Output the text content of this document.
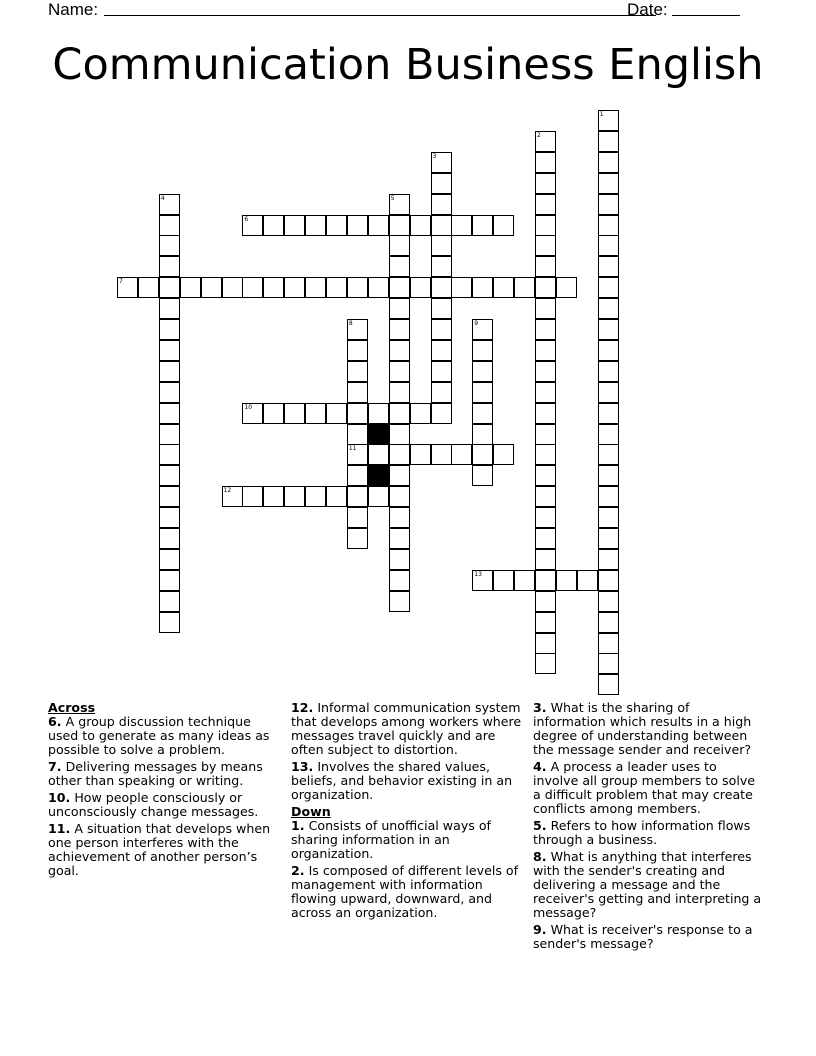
Name:	Date:
Communication Business English
1
2
3
4	5
6
7
8	9
10
11
12
13
Across
6. A group discussion technique used to generate as many ideas as possible to solve a problem.
7. Delivering messages by means other than speaking or writing.
10. How people consciously or unconsciously change messages.
11. A situation that develops when one person interferes with the achievement of another person’s goal.
12. Informal communication system that develops among workers where messages travel quickly and are often subject to distortion.
13. Involves the shared values, beliefs, and behavior existing in an organization.
Down
1. Consists of unofficial ways of sharing information in an organization.
2. Is composed of different levels of management with information flowing upward, downward, and across an organization.
3. What is the sharing of information which results in a high degree of understanding between the message sender and receiver?
4. A process a leader uses to involve all group members to solve a difficult problem that may create conflicts among members.
5. Refers to how information flows through a business.
8. What is anything that interferes with the sender's creating and delivering a message and the receiver's getting and interpreting a message?
9. What is receiver's response to a sender's message?
